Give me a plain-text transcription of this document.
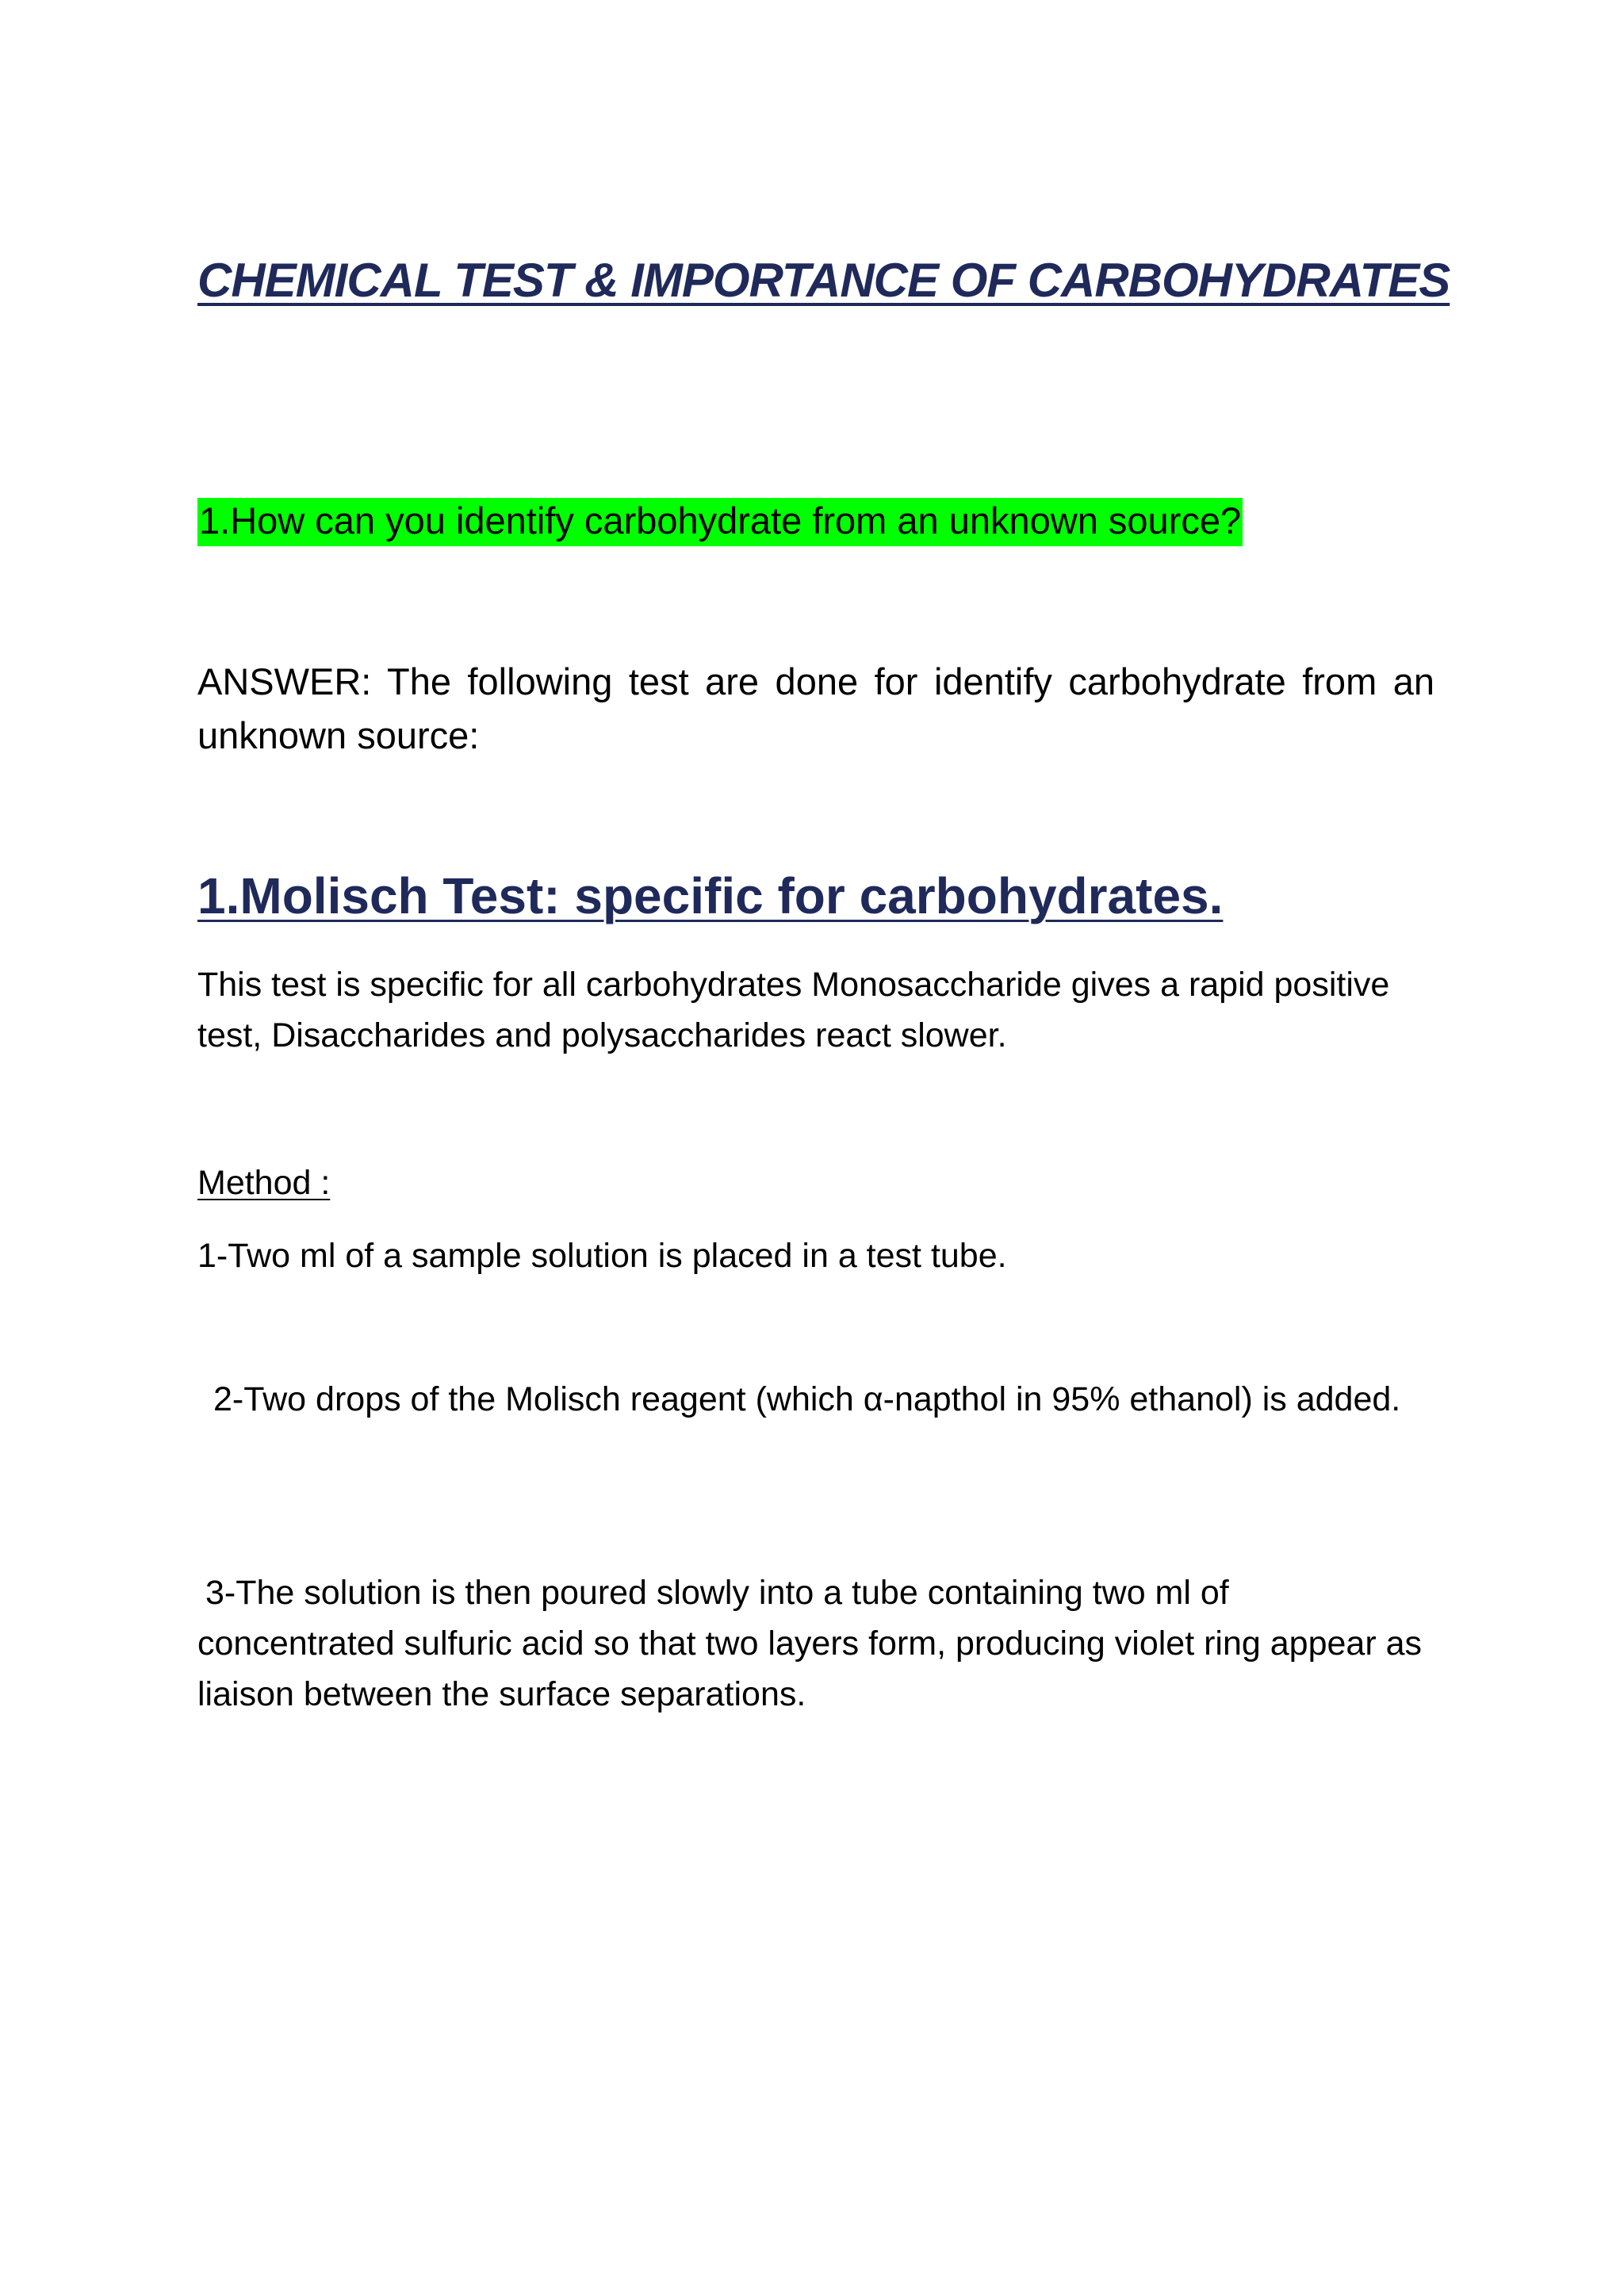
CHEMICAL TEST & IMPORTANCE OF CARBOHYDRATES

1.How can you identify carbohydrate from an unknown source?

ANSWER: The following test are done for identify carbohydrate from an unknown source:

1.Molisch Test: specific for carbohydrates.

This test is specific for all carbohydrates Monosaccharide gives a rapid positive test, Disaccharides and polysaccharides react slower.

Method :

1-Two ml of a sample solution is placed in a test tube.

2-Two drops of the Molisch reagent (which α-napthol in 95% ethanol) is added.

3-The solution is then poured slowly into a tube containing two ml of concentrated sulfuric acid so that two layers form, producing violet ring appear as liaison between the surface separations.
